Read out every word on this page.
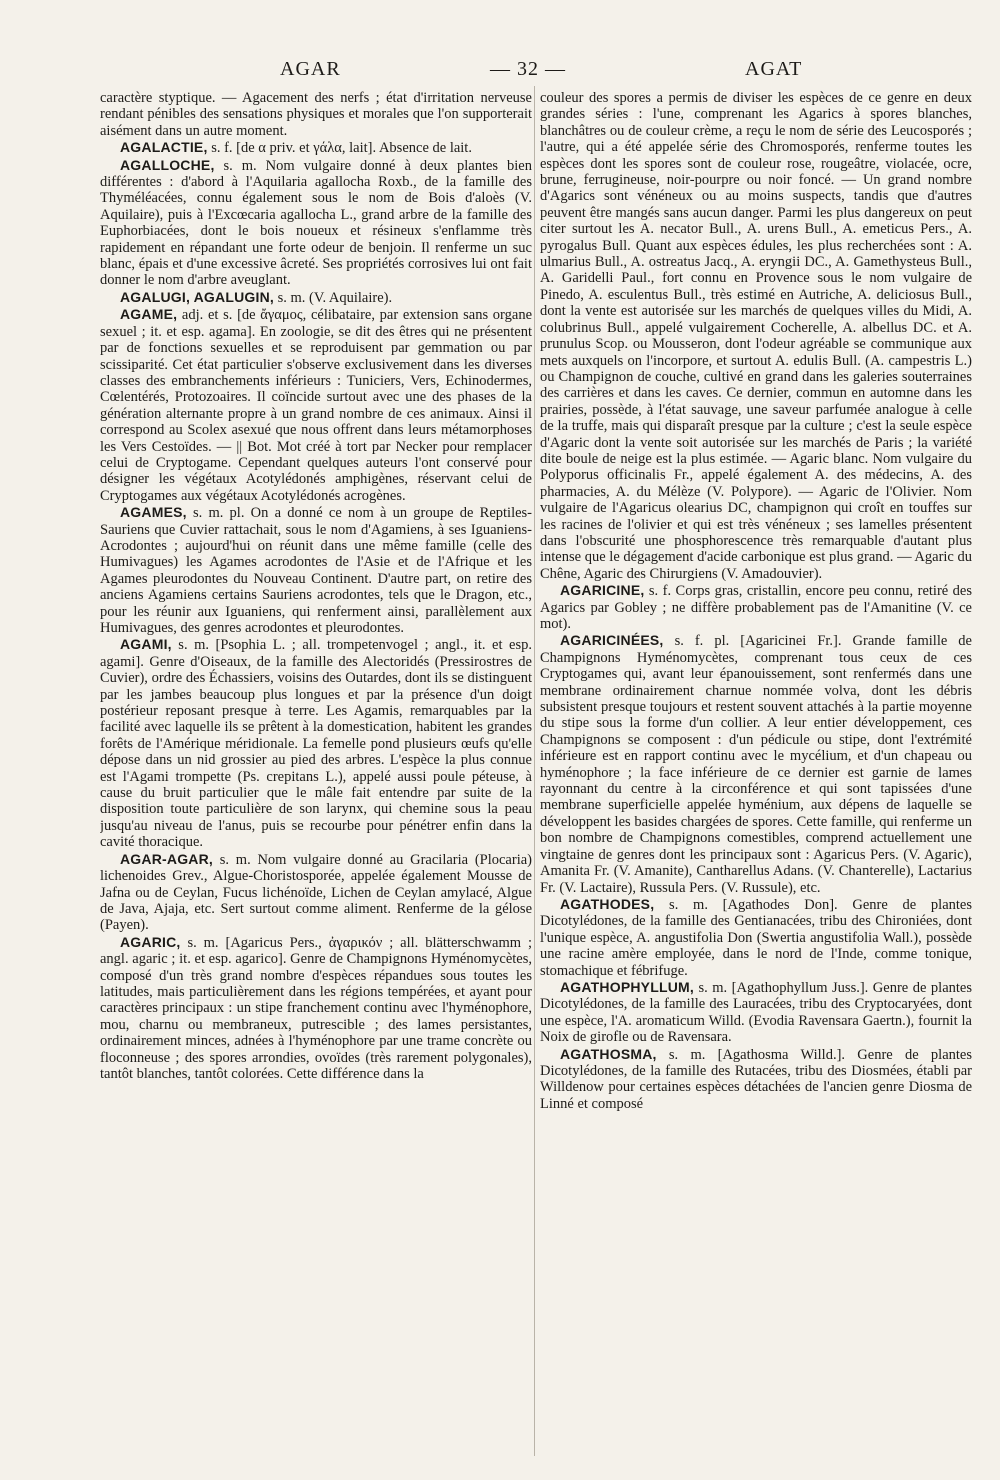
AGAR	— 32 —	AGAT

caractère styptique. — Agacement des nerfs ; état d'irritation nerveuse rendant pénibles des sensations physiques et morales que l'on supporterait aisément dans un autre moment.

AGALACTIE, s. f. [de α priv. et γάλα, lait]. Absence de lait.

AGALLOCHE, s. m. Nom vulgaire donné à deux plantes bien différentes : d'abord à l'Aquilaria agallocha Roxb., de la famille des Thyméléacées, connu également sous le nom de Bois d'aloès (V. Aquilaire), puis à l'Excœcaria agallocha L., grand arbre de la famille des Euphorbiacées, dont le bois noueux et résineux s'enflamme très rapidement en répandant une forte odeur de benjoin. Il renferme un suc blanc, épais et d'une excessive âcreté. Ses propriétés corrosives lui ont fait donner le nom d'arbre aveuglant.

AGALUGI, AGALUGIN, s. m. (V. Aquilaire).

AGAME, adj. et s. [de ἄγαμος, célibataire, par extension sans organe sexuel ; it. et esp. agama]. En zoologie, se dit des êtres qui ne présentent par de fonctions sexuelles et se reproduisent par gemmation ou par scissiparité. Cet état particulier s'observe exclusivement dans les diverses classes des embranchements inférieurs : Tuniciers, Vers, Echinodermes, Cœlentérés, Protozoaires. Il coïncide surtout avec une des phases de la génération alternante propre à un grand nombre de ces animaux. Ainsi il correspond au Scolex asexué que nous offrent dans leurs métamorphoses les Vers Cestoïdes. — || Bot. Mot créé à tort par Necker pour remplacer celui de Cryptogame. Cependant quelques auteurs l'ont conservé pour désigner les végétaux Acotylédonés amphigènes, réservant celui de Cryptogames aux végétaux Acotylédonés acrogènes.

AGAMES, s. m. pl. On a donné ce nom à un groupe de Reptiles-Sauriens que Cuvier rattachait, sous le nom d'Agamiens, à ses Iguaniens-Acrodontes ; aujourd'hui on réunit dans une même famille (celle des Humivagues) les Agames acrodontes de l'Asie et de l'Afrique et les Agames pleurodontes du Nouveau Continent. D'autre part, on retire des anciens Agamiens certains Sauriens acrodontes, tels que le Dragon, etc., pour les réunir aux Iguaniens, qui renferment ainsi, parallèlement aux Humivagues, des genres acrodontes et pleurodontes.

AGAMI, s. m. [Psophia L. ; all. trompetenvogel ; angl., it. et esp. agami]. Genre d'Oiseaux, de la famille des Alectoridés (Pressirostres de Cuvier), ordre des Échassiers, voisins des Outardes, dont ils se distinguent par les jambes beaucoup plus longues et par la présence d'un doigt postérieur reposant presque à terre. Les Agamis, remarquables par la facilité avec laquelle ils se prêtent à la domestication, habitent les grandes forêts de l'Amérique méridionale. La femelle pond plusieurs œufs qu'elle dépose dans un nid grossier au pied des arbres. L'espèce la plus connue est l'Agami trompette (Ps. crepitans L.), appelé aussi poule péteuse, à cause du bruit particulier que le mâle fait entendre par suite de la disposition toute particulière de son larynx, qui chemine sous la peau jusqu'au niveau de l'anus, puis se recourbe pour pénétrer enfin dans la cavité thoracique.

AGAR-AGAR, s. m. Nom vulgaire donné au Gracilaria (Plocaria) lichenoides Grev., Algue-Choristosporée, appelée également Mousse de Jafna ou de Ceylan, Fucus lichénoïde, Lichen de Ceylan amylacé, Algue de Java, Ajaja, etc. Sert surtout comme aliment. Renferme de la gélose (Payen).

AGARIC, s. m. [Agaricus Pers., ἀγαρικόν ; all. blätterschwamm ; angl. agaric ; it. et esp. agarico]. Genre de Champignons Hyménomycètes, composé d'un très grand nombre d'espèces répandues sous toutes les latitudes, mais particulièrement dans les régions tempérées, et ayant pour caractères principaux : un stipe franchement continu avec l'hyménophore, mou, charnu ou membraneux, putrescible ; des lames persistantes, ordinairement minces, adnées à l'hyménophore par une trame concrète ou floconneuse ; des spores arrondies, ovoïdes (très rarement polygonales), tantôt blanches, tantôt colorées. Cette différence dans la

couleur des spores a permis de diviser les espèces de ce genre en deux grandes séries : l'une, comprenant les Agarics à spores blanches, blanchâtres ou de couleur crème, a reçu le nom de série des Leucosporés ; l'autre, qui a été appelée série des Chromosporés, renferme toutes les espèces dont les spores sont de couleur rose, rougeâtre, violacée, ocre, brune, ferrugineuse, noir-pourpre ou noir foncé. — Un grand nombre d'Agarics sont vénéneux ou au moins suspects, tandis que d'autres peuvent être mangés sans aucun danger. Parmi les plus dangereux on peut citer surtout les A. necator Bull., A. urens Bull., A. emeticus Pers., A. pyrogalus Bull. Quant aux espèces édules, les plus recherchées sont : A. ulmarius Bull., A. ostreatus Jacq., A. eryngii DC., A. Gamethysteus Bull., A. Garidelli Paul., fort connu en Provence sous le nom vulgaire de Pinedo, A. esculentus Bull., très estimé en Autriche, A. deliciosus Bull., dont la vente est autorisée sur les marchés de quelques villes du Midi, A. colubrinus Bull., appelé vulgairement Cocherelle, A. albellus DC. et A. prunulus Scop. ou Mousseron, dont l'odeur agréable se communique aux mets auxquels on l'incorpore, et surtout A. edulis Bull. (A. campestris L.) ou Champignon de couche, cultivé en grand dans les galeries souterraines des carrières et dans les caves. Ce dernier, commun en automne dans les prairies, possède, à l'état sauvage, une saveur parfumée analogue à celle de la truffe, mais qui disparaît presque par la culture ; c'est la seule espèce d'Agaric dont la vente soit autorisée sur les marchés de Paris ; la variété dite boule de neige est la plus estimée. — Agaric blanc. Nom vulgaire du Polyporus officinalis Fr., appelé également A. des médecins, A. des pharmacies, A. du Mélèze (V. Polypore). — Agaric de l'Olivier. Nom vulgaire de l'Agaricus olearius DC, champignon qui croît en touffes sur les racines de l'olivier et qui est très vénéneux ; ses lamelles présentent dans l'obscurité une phosphorescence très remarquable d'autant plus intense que le dégagement d'acide carbonique est plus grand. — Agaric du Chêne, Agaric des Chirurgiens (V. Amadouvier).

AGARICINE, s. f. Corps gras, cristallin, encore peu connu, retiré des Agarics par Gobley ; ne diffère probablement pas de l'Amanitine (V. ce mot).

AGARICINÉES, s. f. pl. [Agaricinei Fr.]. Grande famille de Champignons Hyménomycètes, comprenant tous ceux de ces Cryptogames qui, avant leur épanouissement, sont renfermés dans une membrane ordinairement charnue nommée volva, dont les débris subsistent presque toujours et restent souvent attachés à la partie moyenne du stipe sous la forme d'un collier. A leur entier développement, ces Champignons se composent : d'un pédicule ou stipe, dont l'extrémité inférieure est en rapport continu avec le mycélium, et d'un chapeau ou hyménophore ; la face inférieure de ce dernier est garnie de lames rayonnant du centre à la circonférence et qui sont tapissées d'une membrane superficielle appelée hyménium, aux dépens de laquelle se développent les basides chargées de spores. Cette famille, qui renferme un bon nombre de Champignons comestibles, comprend actuellement une vingtaine de genres dont les principaux sont : Agaricus Pers. (V. Agaric), Amanita Fr. (V. Amanite), Cantharellus Adans. (V. Chanterelle), Lactarius Fr. (V. Lactaire), Russula Pers. (V. Russule), etc.

AGATHODES, s. m. [Agathodes Don]. Genre de plantes Dicotylédones, de la famille des Gentianacées, tribu des Chironiées, dont l'unique espèce, A. angustifolia Don (Swertia angustifolia Wall.), possède une racine amère employée, dans le nord de l'Inde, comme tonique, stomachique et fébrifuge.

AGATHOPHYLLUM, s. m. [Agathophyllum Juss.]. Genre de plantes Dicotylédones, de la famille des Lauracées, tribu des Cryptocaryées, dont une espèce, l'A. aromaticum Willd. (Evodia Ravensara Gaertn.), fournit la Noix de girofle ou de Ravensara.

AGATHOSMA, s. m. [Agathosma Willd.]. Genre de plantes Dicotylédones, de la famille des Rutacées, tribu des Diosmées, établi par Willdenow pour certaines espèces détachées de l'ancien genre Diosma de Linné et composé
